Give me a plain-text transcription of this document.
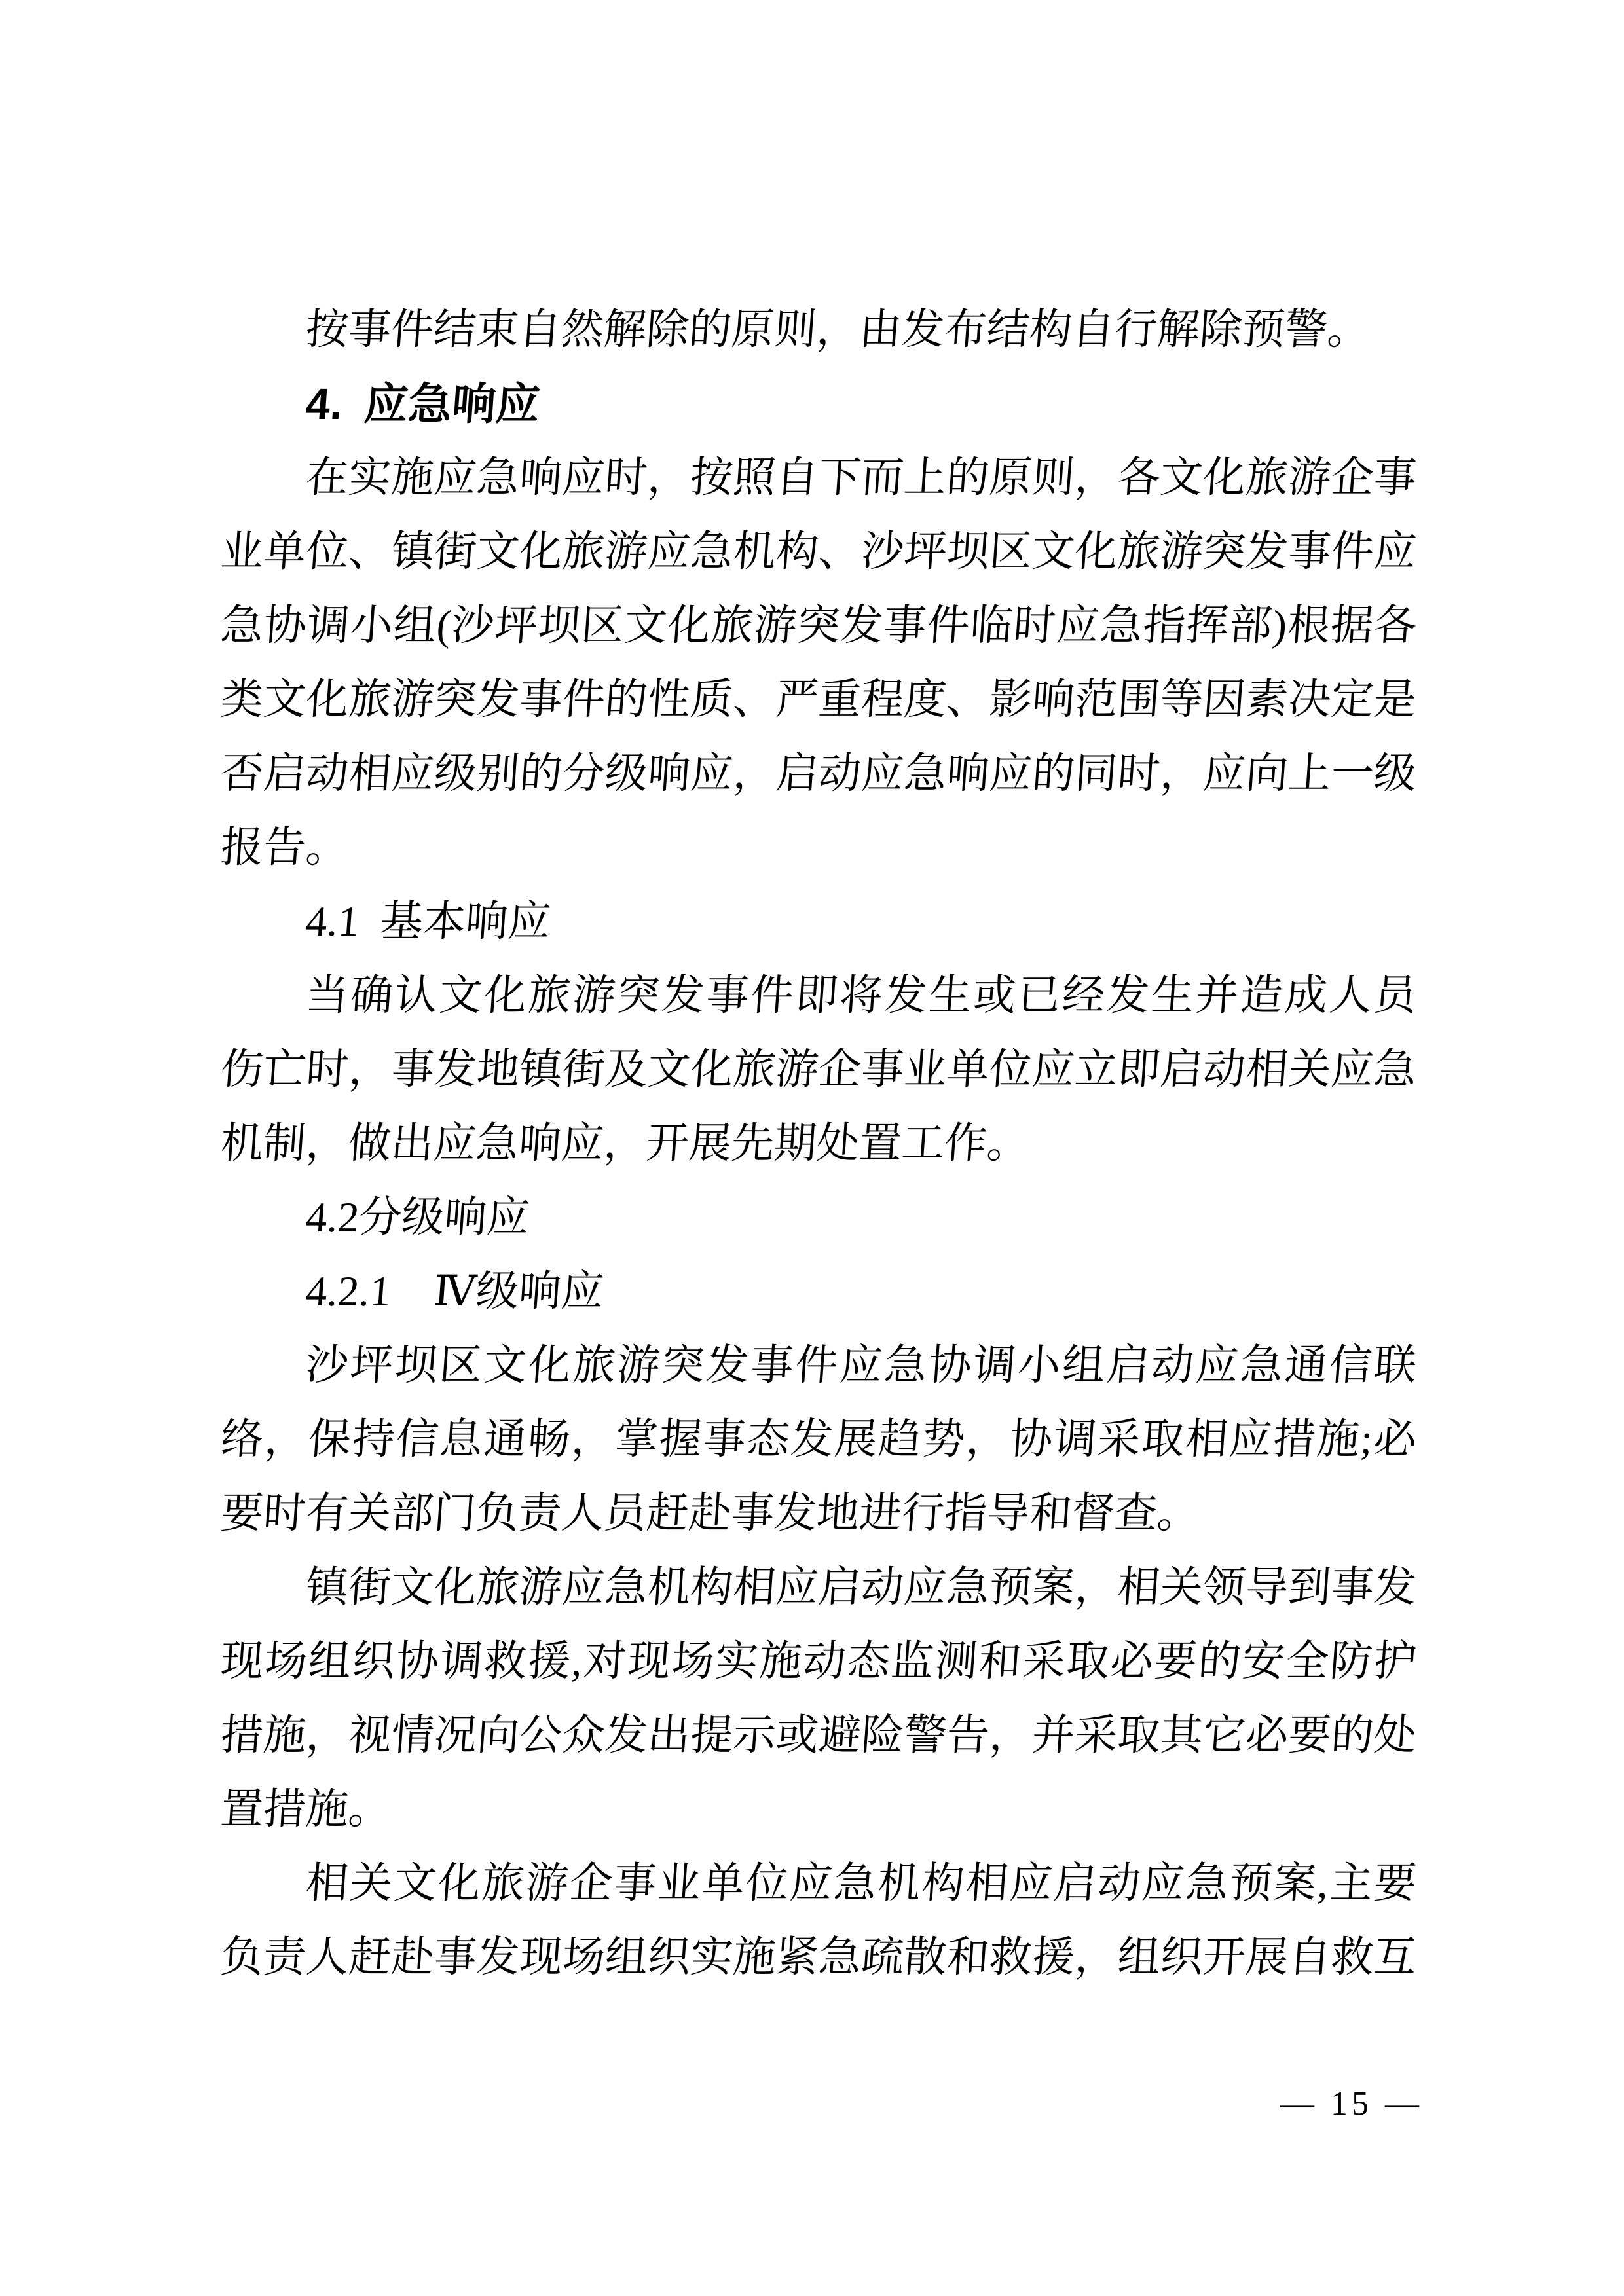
按事件结束自然解除的原则，由发布结构自行解除预警。
4. 应急响应
在实施应急响应时，按照自下而上的原则，各文化旅游企事
业单位、镇街文化旅游应急机构、沙坪坝区文化旅游突发事件应
急协调小组(沙坪坝区文化旅游突发事件临时应急指挥部)根据各
类文化旅游突发事件的性质、严重程度、影响范围等因素决定是
否启动相应级别的分级响应，启动应急响应的同时，应向上一级
报告。
4.1 基本响应
当确认文化旅游突发事件即将发生或已经发生并造成人员
伤亡时，事发地镇街及文化旅游企事业单位应立即启动相关应急
机制，做出应急响应，开展先期处置工作。
4.2分级响应
4.2.1 Ⅳ级响应
沙坪坝区文化旅游突发事件应急协调小组启动应急通信联
络，保持信息通畅，掌握事态发展趋势，协调采取相应措施;必
要时有关部门负责人员赶赴事发地进行指导和督查。
镇街文化旅游应急机构相应启动应急预案，相关领导到事发
现场组织协调救援,对现场实施动态监测和采取必要的安全防护
措施，视情况向公众发出提示或避险警告，并采取其它必要的处
置措施。
相关文化旅游企事业单位应急机构相应启动应急预案,主要
负责人赶赴事发现场组织实施紧急疏散和救援，组织开展自救互
— 15 —
